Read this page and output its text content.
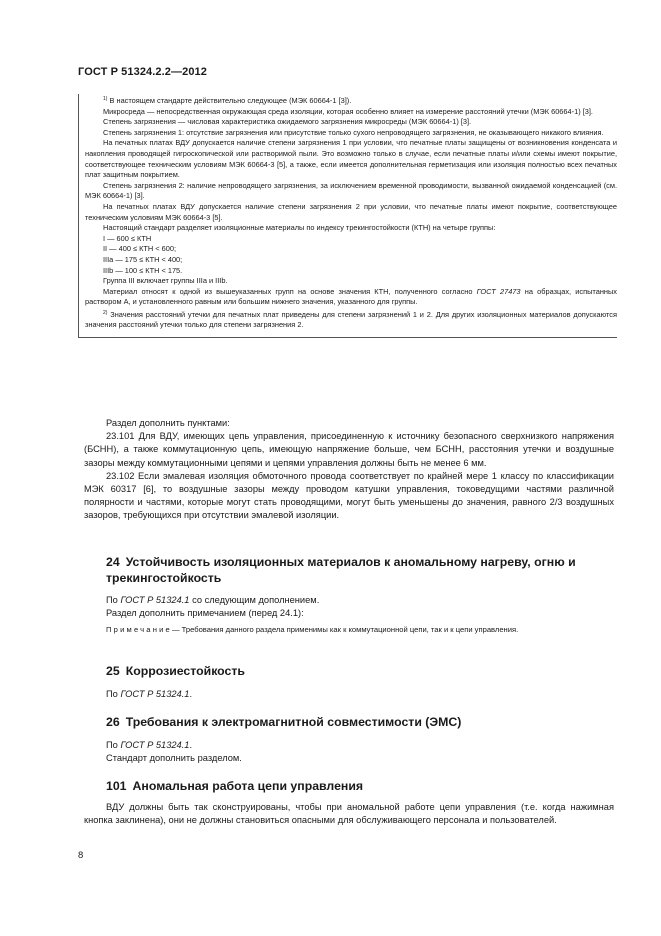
ГОСТ Р 51324.2.2—2012

$^{1)}$ В настоящем стандарте действительно следующее (МЭК 60664-1 [3]).

Микросреда — непосредственная окружающая среда изоляции, которая особенно влияет на измерение расстояний утечки (МЭК 60664-1) [3].

Степень загрязнения — числовая характеристика ожидаемого загрязнения микросреды (МЭК 60664-1) [3].

Степень загрязнения 1: отсутствие загрязнения или присутствие только сухого непроводящего загрязнения, не оказывающего никакого влияния.

На печатных платах ВДУ допускается наличие степени загрязнения 1 при условии, что печатные платы защищены от возникновения конденсата и накопления проводящей гигроскопической или растворимой пыли. Это возможно только в случае, если печатные платы и/или схемы имеют покрытие, соответствующее техническим условиям МЭК 60664-3 [5], а также, если имеется дополнительная герметизация или изоляция полностью всех печатных плат защитным покрытием.

Степень загрязнения 2: наличие непроводящего загрязнения, за исключением временной проводимости, вызванной ожидаемой конденсацией (см. МЭК 60664-1) [3].

На печатных платах ВДУ допускается наличие степени загрязнения 2 при условии, что печатные платы имеют покрытие, соответствующее техническим условиям МЭК 60664-3 [5].

Настоящий стандарт разделяет изоляционные материалы по индексу трекингостойкости (КТН) на четыре группы:

I — 600 ≤ КТН

II — 400 ≤ КТН < 600;

IIIa — 175 ≤ КТН < 400;

IIIb — 100 ≤ КТН < 175.

Группа III включает группы IIIa и IIIb.

Материал относят к одной из вышеуказанных групп на основе значения КТН, полученного согласно ГОСТ 27473 на образцах, испытанных раствором А, и установленного равным или большим нижнего значения, указанного для группы.

$^{2)}$ Значения расстояний утечки для печатных плат приведены для степени загрязнений 1 и 2. Для других изоляционных материалов допускаются значения расстояний утечки только для степени загрязнения 2.

Раздел дополнить пунктами:

23.101 Для ВДУ, имеющих цепь управления, присоединенную к источнику безопасного сверхнизкого напряжения (БСНН), а также коммутационную цепь, имеющую напряжение больше, чем БСНН, расстояния утечки и воздушные зазоры между коммутационными цепями и цепями управления должны быть не менее 6 мм.

23.102 Если эмалевая изоляция обмоточного провода соответствует по крайней мере 1 классу по классификации МЭК 60317 [6], то воздушные зазоры между проводом катушки управления, токоведущими частями различной полярности и частями, которые могут стать проводящими, могут быть уменьшены до значения, равного 2/3 воздушных зазоров, требующихся при отсутствии эмалевой изоляции.

24 Устойчивость изоляционных материалов к аномальному нагреву, огню и трекингостойкость

По ГОСТ Р 51324.1 со следующим дополнением.

Раздел дополнить примечанием (перед 24.1):

Примечание— Требования данного раздела применимы как к коммутационной цепи, так и к цепи управления.

25 Коррозиестойкость

По ГОСТ Р 51324.1.

26 Требования к электромагнитной совместимости (ЭМС)

По ГОСТ Р 51324.1.

Стандарт дополнить разделом.

101 Аномальная работа цепи управления

ВДУ должны быть так сконструированы, чтобы при аномальной работе цепи управления (т.е. когда нажимная кнопка заклинена), они не должны становиться опасными для обслуживающего персонала и пользователей.

8
